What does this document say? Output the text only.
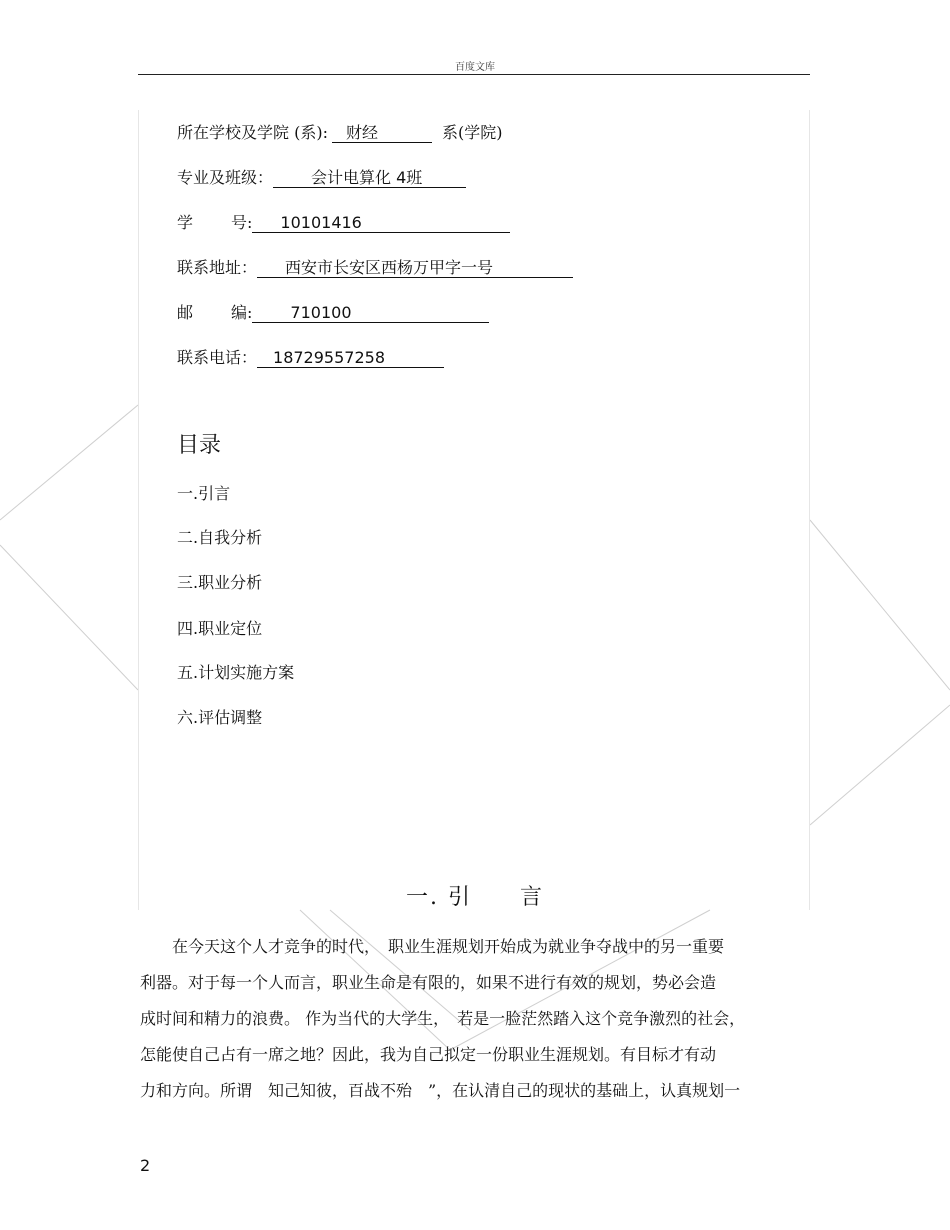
百度文库
所在学校及学院 (系): 财经	系(学院)
专业及班级： 会计电算化 4班
学 号: 10101416
联系地址： 西安市长安区西杨万甲字一号
邮 编: 710100
联系电话： 18729557258
目录
一.引言
二.自我分析
三.职业分析
四.职业定位
五.计划实施方案
六.评估调整
一. 引　　言
　　在今天这个人才竞争的时代，　职业生涯规划开始成为就业争夺战中的另一重要
利器。对于每一个人而言，职业生命是有限的，如果不进行有效的规划，势必会造
成时间和精力的浪费。 作为当代的大学生，　若是一脸茫然踏入这个竞争激烈的社会，
怎能使自己占有一席之地？因此，我为自己拟定一份职业生涯规划。有目标才有动
力和方向。所谓　知己知彼，百战不殆　”，在认清自己的现状的基础上，认真规划一
2
